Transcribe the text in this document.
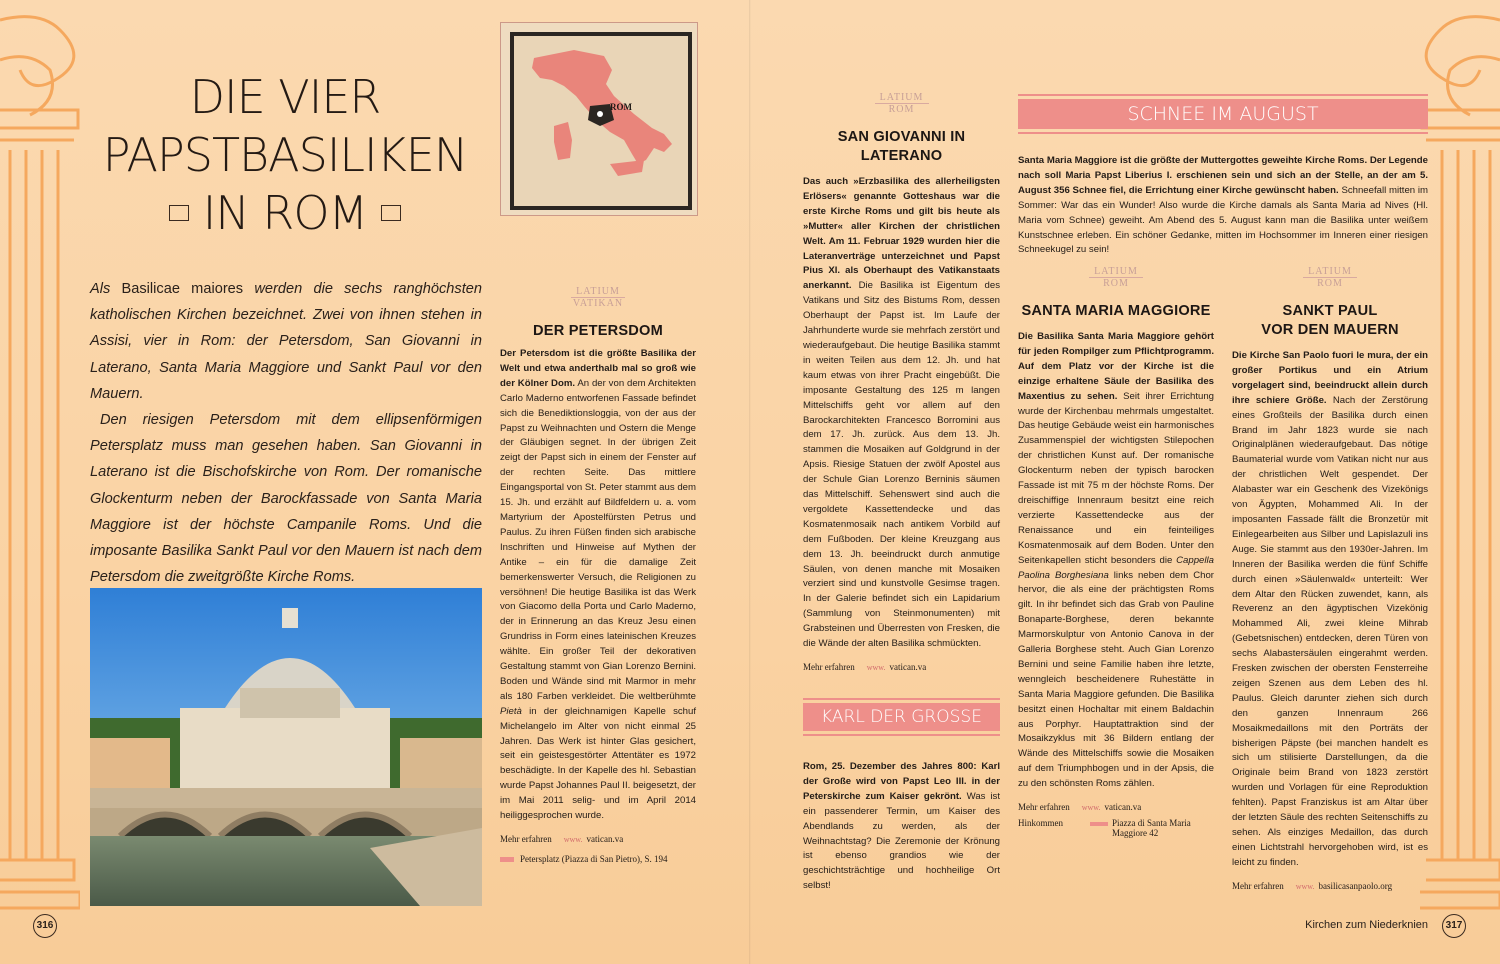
DIE VIER
PAPSTBASILIKEN
IN ROM

Als Basilicae maiores werden die sechs ranghöchsten katholischen Kirchen bezeichnet. Zwei von ihnen stehen in Assisi, vier in Rom: der Petersdom, San Giovanni in Laterano, Santa Maria Maggiore und Sankt Paul vor den Mauern.

Den riesigen Petersdom mit dem ellipsenförmigen Petersplatz muss man gesehen haben. San Giovanni in Laterano ist die Bischofskirche von Rom. Der romanische Glockenturm neben der Barockfassade von Santa Maria Maggiore ist der höchste Campanile Roms. Und die imposante Basilika Sankt Paul vor den Mauern ist nach dem Petersdom die zweitgrößte Kirche Roms.

ROM
LATIUM
VATIKAN
DER PETERSDOM

Der Petersdom ist die größte Basilika der Welt und etwa anderthalb mal so groß wie der Kölner Dom. An der von dem Architekten Carlo Maderno entworfenen Fassade befindet sich die Benediktionsloggia, von der aus der Papst zu Weihnachten und Ostern die Menge der Gläubigen segnet. In der übrigen Zeit zeigt der Papst sich in einem der Fenster auf der rechten Seite. Das mittlere Eingangsportal von St. Peter stammt aus dem 15. Jh. und erzählt auf Bildfeldern u. a. vom Martyrium der Apostelfürsten Petrus und Paulus. Zu ihren Füßen finden sich arabische Inschriften und Hinweise auf Mythen der Antike – ein für die damalige Zeit bemerkenswerter Versuch, die Religionen zu versöhnen! Die heutige Basilika ist das Werk von Giacomo della Porta und Carlo Maderno, der in Erinnerung an das Kreuz Jesu einen Grundriss in Form eines lateinischen Kreuzes wählte. Ein großer Teil der dekorativen Gestaltung stammt von Gian Lorenzo Bernini. Boden und Wände sind mit Marmor in mehr als 180 Farben verkleidet. Die weltberühmte Pietà in der gleichnamigen Kapelle schuf Michelangelo im Alter von nicht einmal 25 Jahren. Das Werk ist hinter Glas gesichert, seit ein geistesgestörter Attentäter es 1972 beschädigte. In der Kapelle des hl. Sebastian wurde Papst Johannes Paul II. beigesetzt, der im Mai 2011 selig- und im April 2014 heiliggesprochen wurde.

Mehr erfahren www. vatican.va
Petersplatz (Piazza di San Pietro), S. 194
LATIUM
ROM
SAN GIOVANNI IN
LATERANO

Das auch »Erzbasilika des allerheiligsten Erlösers« genannte Gotteshaus war die erste Kirche Roms und gilt bis heute als »Mutter« aller Kirchen der christlichen Welt. Am 11. Februar 1929 wurden hier die Lateranverträge unterzeichnet und Papst Pius XI. als Oberhaupt des Vatikanstaats anerkannt. Die Basilika ist Eigentum des Vatikans und Sitz des Bistums Rom, dessen Oberhaupt der Papst ist. Im Laufe der Jahrhunderte wurde sie mehrfach zerstört und wiederaufgebaut. Die heutige Basilika stammt in weiten Teilen aus dem 12. Jh. und hat kaum etwas von ihrer Pracht eingebüßt. Die imposante Gestaltung des 125 m langen Mittelschiffs geht vor allem auf den Barockarchitekten Francesco Borromini aus dem 17. Jh. zurück. Aus dem 13. Jh. stammen die Mosaiken auf Goldgrund in der Apsis. Riesige Statuen der zwölf Apostel aus der Schule Gian Lorenzo Berninis säumen das Mittelschiff. Sehenswert sind auch die vergoldete Kassettendecke und das Kosmatenmosaik nach antikem Vorbild auf dem Fußboden. Der kleine Kreuzgang aus dem 13. Jh. beeindruckt durch anmutige Säulen, von denen manche mit Mosaiken verziert sind und kunstvolle Gesimse tragen. In der Galerie befindet sich ein Lapidarium (Sammlung von Steinmonumenten) mit Grabsteinen und Überresten von Fresken, die die Wände der alten Basilika schmückten.

Mehr erfahren www. vatican.va
KARL DER GROSSE

Rom, 25. Dezember des Jahres 800: Karl der Große wird von Papst Leo III. in der Peterskirche zum Kaiser gekrönt. Was ist ein passenderer Termin, um Kaiser des Abendlands zu werden, als der Weihnachtstag? Die Zeremonie der Krönung ist ebenso grandios wie der geschichtsträchtige und hochheilige Ort selbst!

SCHNEE IM AUGUST

Santa Maria Maggiore ist die größte der Muttergottes geweihte Kirche Roms. Der Legende nach soll Maria Papst Liberius I. erschienen sein und sich an der Stelle, an der am 5. August 356 Schnee fiel, die Errichtung einer Kirche gewünscht haben. Schneefall mitten im Sommer: War das ein Wunder! Also wurde die Kirche damals als Santa Maria ad Nives (Hl. Maria vom Schnee) geweiht. Am Abend des 5. August kann man die Basilika unter weißem Kunstschnee erleben. Ein schöner Gedanke, mitten im Hochsommer im Inneren einer riesigen Schneekugel zu sein!

LATIUM
ROM
SANTA MARIA MAGGIORE

Die Basilika Santa Maria Maggiore gehört für jeden Rompilger zum Pflichtprogramm. Auf dem Platz vor der Kirche ist die einzige erhaltene Säule der Basilika des Maxentius zu sehen. Seit ihrer Errichtung wurde der Kirchenbau mehrmals umgestaltet. Das heutige Gebäude weist ein harmonisches Zusammenspiel der wichtigsten Stilepochen der christlichen Kunst auf. Der romanische Glockenturm neben der typisch barocken Fassade ist mit 75 m der höchste Roms. Der dreischiffige Innenraum besitzt eine reich verzierte Kassettendecke aus der Renaissance und ein feinteiliges Kosmatenmosaik auf dem Boden. Unter den Seitenkapellen sticht besonders die Cappella Paolina Borghesiana links neben dem Chor hervor, die als eine der prächtigsten Roms gilt. In ihr befindet sich das Grab von Pauline Bonaparte-Borghese, deren bekannte Marmorskulptur von Antonio Canova in der Galleria Borghese steht. Auch Gian Lorenzo Bernini und seine Familie haben ihre letzte, wenngleich bescheidenere Ruhestätte in Santa Maria Maggiore gefunden. Die Basilika besitzt einen Hochaltar mit einem Baldachin aus Porphyr. Hauptattraktion sind der Mosaikzyklus mit 36 Bildern entlang der Wände des Mittelschiffs sowie die Mosaiken auf dem Triumphbogen und in der Apsis, die zu den schönsten Roms zählen.

Mehr erfahren www. vatican.va
Hinkommen	Piazza di Santa Maria
Maggiore 42
LATIUM
ROM
SANKT PAUL
VOR DEN MAUERN

Die Kirche San Paolo fuori le mura, der ein großer Portikus und ein Atrium vorgelagert sind, beeindruckt allein durch ihre schiere Größe. Nach der Zerstörung eines Großteils der Basilika durch einen Brand im Jahr 1823 wurde sie nach Originalplänen wiederaufgebaut. Das nötige Baumaterial wurde vom Vatikan nicht nur aus der christlichen Welt gespendet. Der Alabaster war ein Geschenk des Vizekönigs von Ägypten, Mohammed Ali. In der imposanten Fassade fällt die Bronzetür mit Einlegearbeiten aus Silber und Lapislazuli ins Auge. Sie stammt aus den 1930er-Jahren. Im Inneren der Basilika werden die fünf Schiffe durch einen »Säulenwald« unterteilt: Wer dem Altar den Rücken zuwendet, kann, als Reverenz an den ägyptischen Vizekönig Mohammed Ali, zwei kleine Mihrab (Gebetsnischen) entdecken, deren Türen von sechs Alabastersäulen eingerahmt werden. Fresken zwischen der obersten Fensterreihe zeigen Szenen aus dem Leben des hl. Paulus. Gleich darunter ziehen sich durch den ganzen Innenraum 266 Mosaikmedaillons mit den Porträts der bisherigen Päpste (bei manchen handelt es sich um stilisierte Darstellungen, da die Originale beim Brand von 1823 zerstört wurden und Vorlagen für eine Reproduktion fehlten). Papst Franziskus ist am Altar über der letzten Säule des rechten Seitenschiffs zu sehen. Als einziges Medaillon, das durch einen Lichtstrahl hervorgehoben wird, ist es leicht zu finden.

Mehr erfahren www. basilicasanpaolo.org
316	Kirchen zum Niederknien	317
